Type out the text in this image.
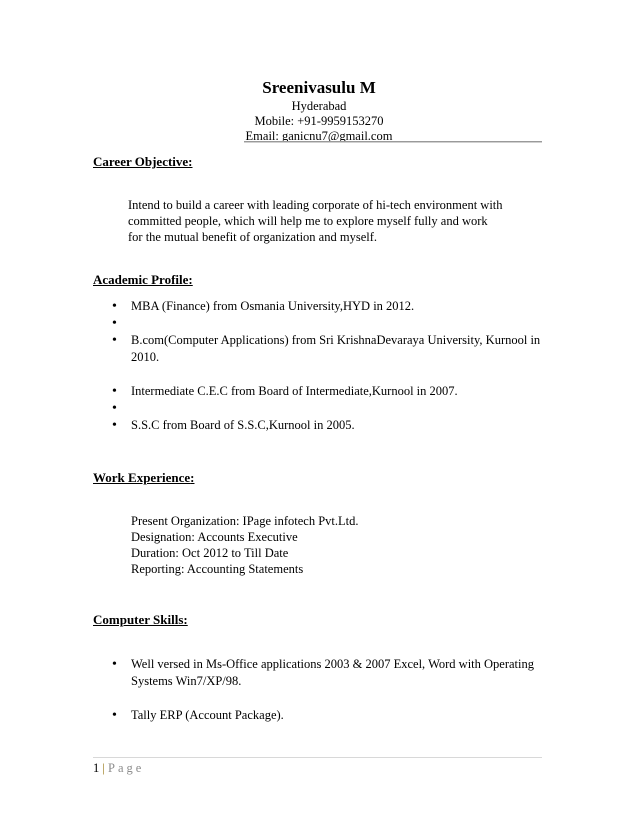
Sreenivasulu M
Hyderabad
Mobile: +91-9959153270
Email: ganicnu7@gmail.com
Career Objective:
Intend to build a career with leading corporate of hi-tech environment with
committed people, which will help me to explore myself fully and work
for the mutual benefit of organization and myself.
Academic Profile:
•
MBA (Finance) from Osmania University,HYD in 2012.
•
•
B.com(Computer Applications) from Sri KrishnaDevaraya University, Kurnool in 2010.
•
Intermediate C.E.C from Board of Intermediate,Kurnool in 2007.
•
•
S.S.C from Board of S.S.C,Kurnool in 2005.
Work Experience:
Present Organization: IPage infotech Pvt.Ltd.
Designation: Accounts Executive
Duration: Oct 2012 to Till Date
Reporting: Accounting Statements
Computer Skills:
•
Well versed in Ms-Office applications 2003 & 2007 Excel, Word with Operating Systems Win7/XP/98.
•
Tally ERP (Account Package).
1 | Page
